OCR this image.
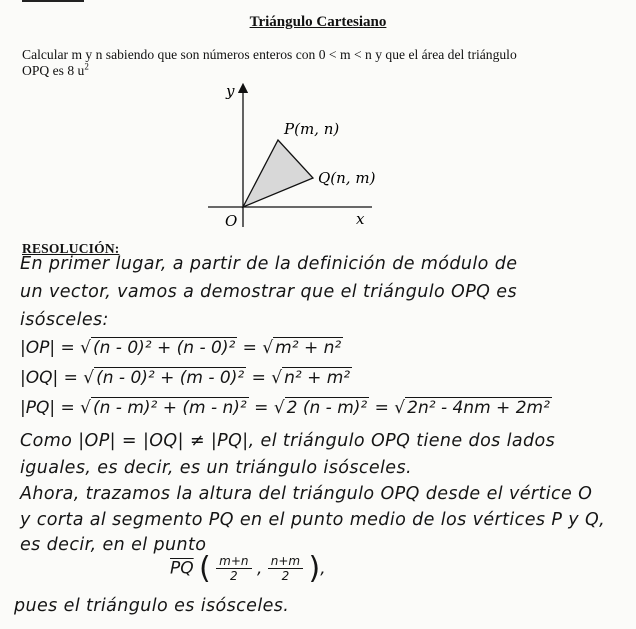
Triángulo Cartesiano
Calcular m y n sabiendo que son números enteros con 0 < m < n y que el área del triángulo
OPQ es 8 $u^2$
y
x
O
P(m, n)
Q(n, m)
RESOLUCIÓN:
En primer lugar, a partir de la definición de módulo de
un vector, vamos a demostrar que el triángulo OPQ es
isósceles:
|OP| = √ (n - 0)² + (n - 0)² = √ m² + n²
|OQ| = √ (n - 0)² + (m - 0)² = √ n² + m²
|PQ| = √ (n - m)² + (m - n)² = √ 2 (n - m)² = √ 2n² - 4nm + 2m²
Como |OP| = |OQ| ≠ |PQ|, el triángulo OPQ tiene dos lados
iguales, es decir, es un triángulo isósceles.
Ahora, trazamos la altura del triángulo OPQ desde el vértice O
y corta al segmento PQ en el punto medio de los vértices P y Q,
es decir, en el punto
$\overline{PQ}$ ( $\frac{m+n}{2}$ , $\frac{n+m}{2}$ ),
pues el triángulo es isósceles.
